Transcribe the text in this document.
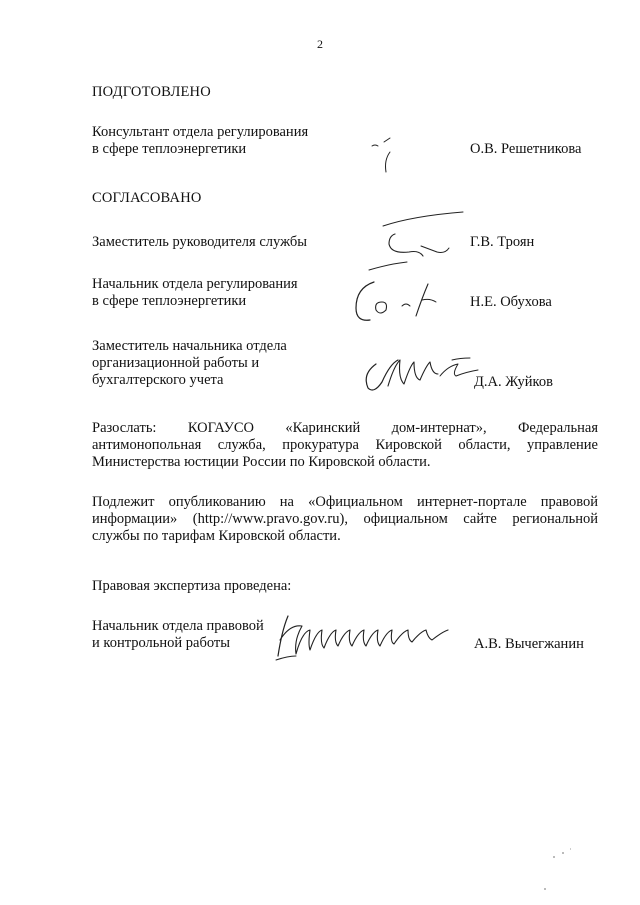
2
ПОДГОТОВЛЕНО
Консультант отдела регулирования
в сфере теплоэнергетики	О.В. Решетникова
СОГЛАСОВАНО
Заместитель руководителя службы	Г.В. Троян
Начальник отдела регулирования
в сфере теплоэнергетики	Н.Е. Обухова
Заместитель начальника отдела
организационной работы и
бухгалтерского учета	Д.А. Жуйков
Разослать: КОГАУСО «Каринский дом-интернат», Федеральная антимонопольная служба, прокуратура Кировской области, управление Министерства юстиции России по Кировской области.
Подлежит опубликованию на «Официальном интернет-портале правовой информации» (http://www.pravo.gov.ru), официальном сайте региональной службы по тарифам Кировской области.
Правовая экспертиза проведена:
Начальник отдела правовой
и контрольной работы	А.В. Вычегжанин
